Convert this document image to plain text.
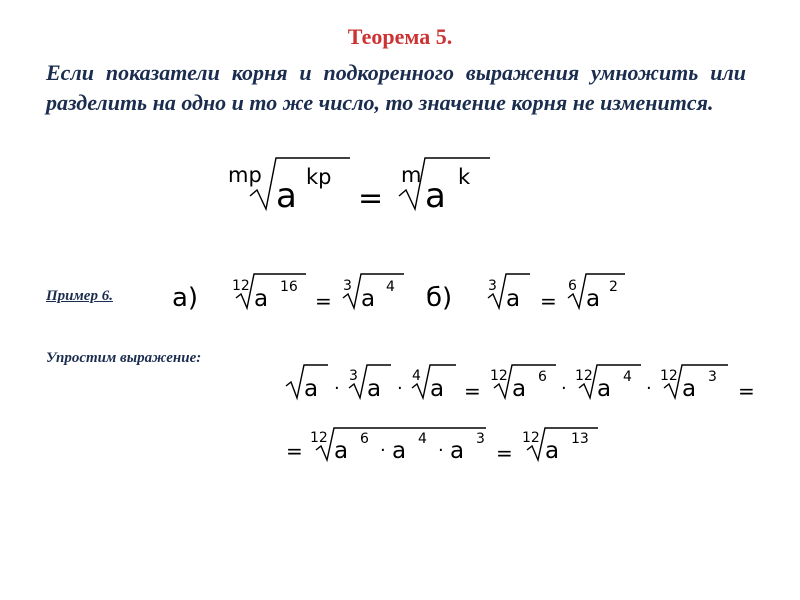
Теорема 5.
Если показатели корня и подкоренного выражения умножить или разделить на одно и то же число, то значение корня не изменится.
Пример 6.
Упростим выражение:
mp
a kp
=
m
a k
а) 12 a 16
=
3 a 4 б)	3 a =
6 a 2
a ·
3 a ·
4 a =
12 a 6
·
12 a 4
·
12 a 3
=
=
12 a 6
· a 4
· a 3
=
12 a 13
